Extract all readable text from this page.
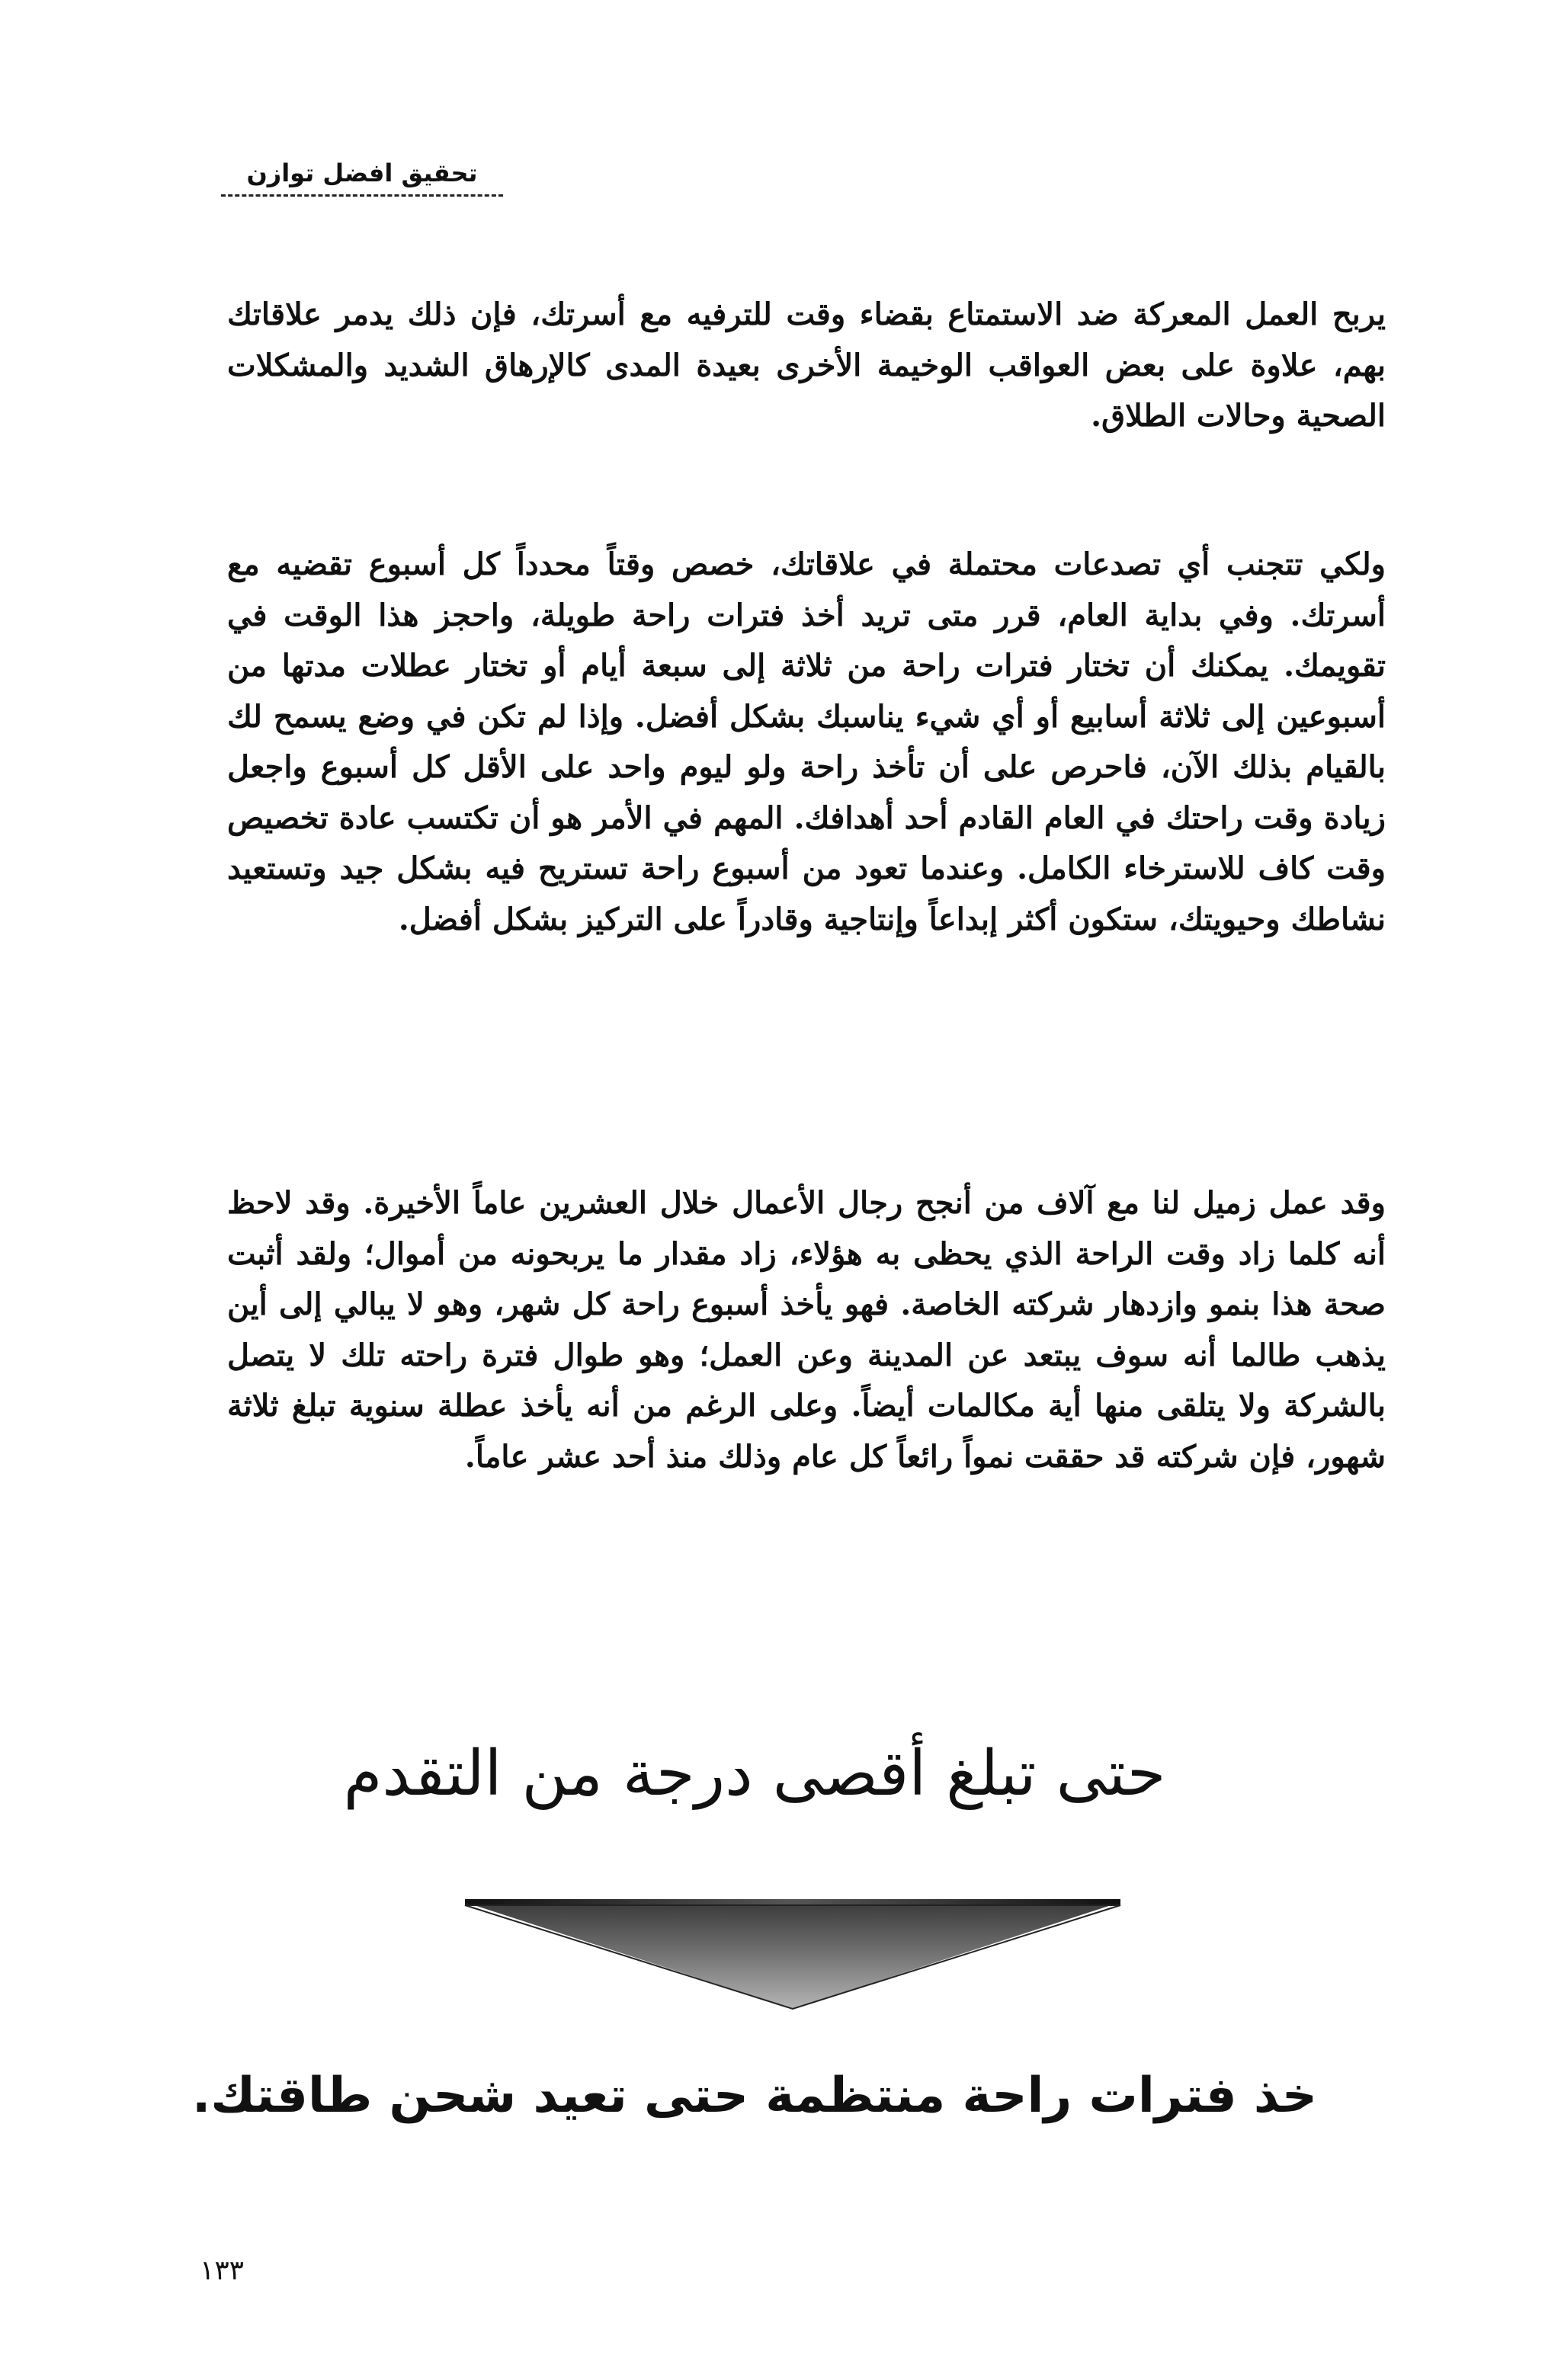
تحقيق افضل توازن

يربح العمل المعركة ضد الاستمتاع بقضاء وقت للترفيه مع أسرتك، فإن ذلك يدمر علاقاتك بهم، علاوة على بعض العواقب الوخيمة الأخرى بعيدة المدى كالإرهاق الشديد والمشكلات الصحية وحالات الطلاق.

ولكي تتجنب أي تصدعات محتملة في علاقاتك، خصص وقتاً محدداً كل أسبوع تقضيه مع أسرتك. وفي بداية العام، قرر متى تريد أخذ فترات راحة طويلة، واحجز هذا الوقت في تقويمك. يمكنك أن تختار فترات راحة من ثلاثة إلى سبعة أيام أو تختار عطلات مدتها من أسبوعين إلى ثلاثة أسابيع أو أي شيء يناسبك بشكل أفضل. وإذا لم تكن في وضع يسمح لك بالقيام بذلك الآن، فاحرص على أن تأخذ راحة ولو ليوم واحد على الأقل كل أسبوع واجعل زيادة وقت راحتك في العام القادم أحد أهدافك. المهم في الأمر هو أن تكتسب عادة تخصيص وقت كاف للاسترخاء الكامل. وعندما تعود من أسبوع راحة تستريح فيه بشكل جيد وتستعيد نشاطك وحيويتك، ستكون أكثر إبداعاً وإنتاجية وقادراً على التركيز بشكل أفضل.

وقد عمل زميل لنا مع آلاف من أنجح رجال الأعمال خلال العشرين عاماً الأخيرة. وقد لاحظ أنه كلما زاد وقت الراحة الذي يحظى به هؤلاء، زاد مقدار ما يربحونه من أموال؛ ولقد أثبت صحة هذا بنمو وازدهار شركته الخاصة. فهو يأخذ أسبوع راحة كل شهر، وهو لا يبالي إلى أين يذهب طالما أنه سوف يبتعد عن المدينة وعن العمل؛ وهو طوال فترة راحته تلك لا يتصل بالشركة ولا يتلقى منها أية مكالمات أيضاً. وعلى الرغم من أنه يأخذ عطلة سنوية تبلغ ثلاثة شهور، فإن شركته قد حققت نمواً رائعاً كل عام وذلك منذ أحد عشر عاماً.

حتى تبلغ أقصى درجة من التقدم

خذ فترات راحة منتظمة حتى تعيد شحن طاقتك.

١٣٣
